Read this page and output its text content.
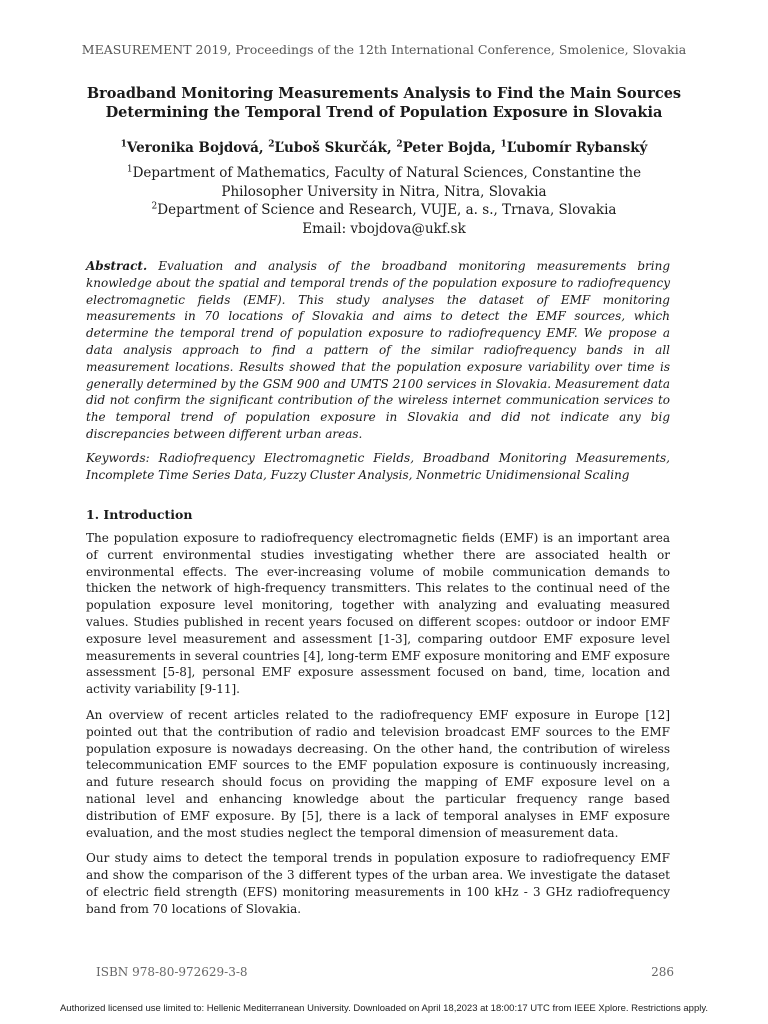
MEASUREMENT 2019, Proceedings of the 12th International Conference, Smolenice, Slovakia
Broadband Monitoring Measurements Analysis to Find the Main Sources
Determining the Temporal Trend of Population Exposure in Slovakia
$^1$Veronika Bojdová, $^2$Ľuboš Skurčák, $^2$Peter Bojda, $^1$Ľubomír Rybanský
$^1$Department of Mathematics, Faculty of Natural Sciences, Constantine the
Philosopher University in Nitra, Nitra, Slovakia
$^2$Department of Science and Research, VUJE, a. s., Trnava, Slovakia
Email: vbojdova@ukf.sk
Abstract. Evaluation and analysis of the broadband monitoring measurements bring knowledge about the spatial and temporal trends of the population exposure to radiofrequency electromagnetic fields (EMF). This study analyses the dataset of EMF monitoring measurements in 70 locations of Slovakia and aims to detect the EMF sources, which determine the temporal trend of population exposure to radiofrequency EMF. We propose a data analysis approach to find a pattern of the similar radiofrequency bands in all measurement locations. Results showed that the population exposure variability over time is generally determined by the GSM 900 and UMTS 2100 services in Slovakia. Measurement data did not confirm the significant contribution of the wireless internet communication services to the temporal trend of population exposure in Slovakia and did not indicate any big discrepancies between different urban areas.
Keywords: Radiofrequency Electromagnetic Fields, Broadband Monitoring Measurements, Incomplete Time Series Data, Fuzzy Cluster Analysis, Nonmetric Unidimensional Scaling
1. Introduction

The population exposure to radiofrequency electromagnetic fields (EMF) is an important area of current environmental studies investigating whether there are associated health or environmental effects. The ever-increasing volume of mobile communication demands to thicken the network of high-frequency transmitters. This relates to the continual need of the population exposure level monitoring, together with analyzing and evaluating measured values. Studies published in recent years focused on different scopes: outdoor or indoor EMF exposure level measurement and assessment [1-3], comparing outdoor EMF exposure level measurements in several countries [4], long-term EMF exposure monitoring and EMF exposure assessment [5-8], personal EMF exposure assessment focused on band, time, location and activity variability [9-11].

An overview of recent articles related to the radiofrequency EMF exposure in Europe [12] pointed out that the contribution of radio and television broadcast EMF sources to the EMF population exposure is nowadays decreasing. On the other hand, the contribution of wireless telecommunication EMF sources to the EMF population exposure is continuously increasing, and future research should focus on providing the mapping of EMF exposure level on a national level and enhancing knowledge about the particular frequency range based distribution of EMF exposure. By [5], there is a lack of temporal analyses in EMF exposure evaluation, and the most studies neglect the temporal dimension of measurement data.

Our study aims to detect the temporal trends in population exposure to radiofrequency EMF and show the comparison of the 3 different types of the urban area. We investigate the dataset of electric field strength (EFS) monitoring measurements in 100 kHz - 3 GHz radiofrequency band from 70 locations of Slovakia.

ISBN 978-80-972629-3-8	286
Authorized licensed use limited to: Hellenic Mediterranean University. Downloaded on April 18,2023 at 18:00:17 UTC from IEEE Xplore. Restrictions apply.
